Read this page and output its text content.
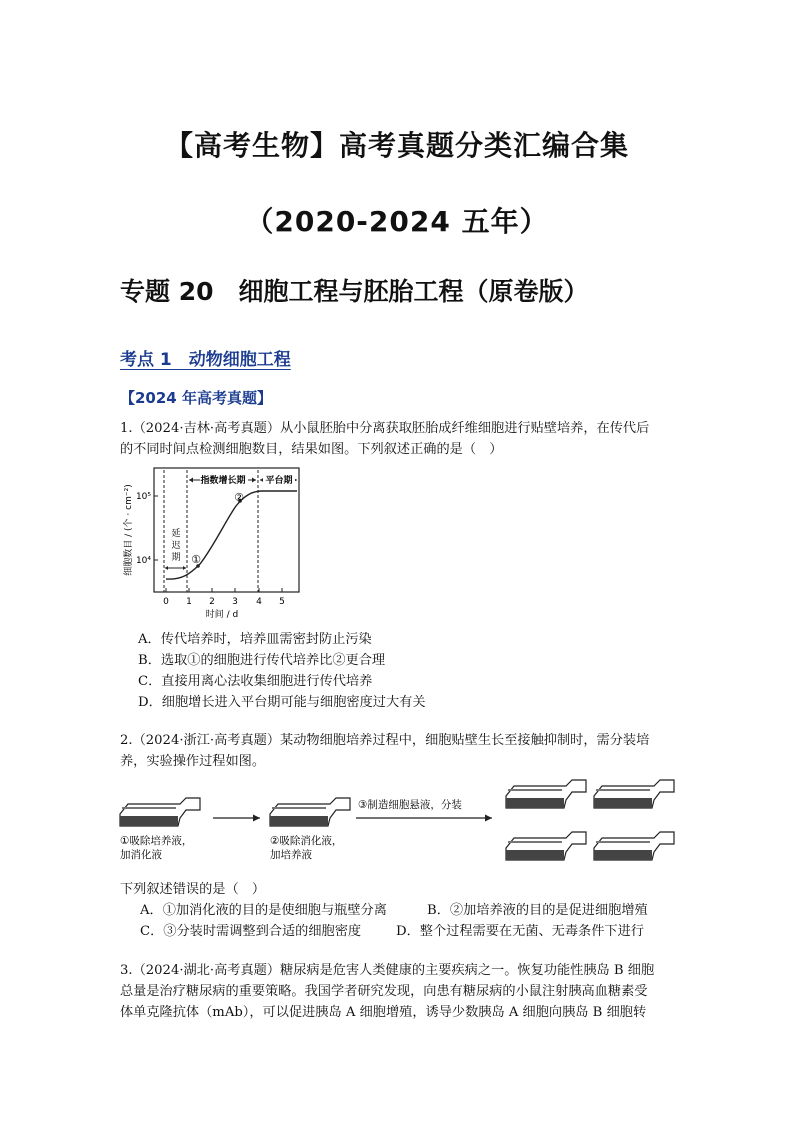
【高考生物】高考真题分类汇编合集
（2020-2024 五年）
专题 20　细胞工程与胚胎工程（原卷版）
考点 1　动物细胞工程
【2024 年高考真题】
1.（2024·吉林·高考真题）从小鼠胚胎中分离获取胚胎成纤维细胞进行贴壁培养，在传代后
的不同时间点检测细胞数目，结果如图。下列叙述正确的是（　）
细胞数目 / (个 · cm⁻²) 10⁵
10⁴
0 1 2 3 4 5
时间 / d
指数增长期 平台期
延
迟
期 ①
②
A．传代培养时，培养皿需密封防止污染
B．选取①的细胞进行传代培养比②更合理
C．直接用离心法收集细胞进行传代培养
D．细胞增长进入平台期可能与细胞密度过大有关
2.（2024·浙江·高考真题）某动物细胞培养过程中，细胞贴壁生长至接触抑制时，需分装培
养，实验操作过程如图。
①吸除培养液，
加消化液
②吸除消化液，
加培养液
③制造细胞悬液，分装
下列叙述错误的是（　）
A．①加消化液的目的是使细胞与瓶壁分离	B．②加培养液的目的是促进细胞增殖
C．③分装时需调整到合适的细胞密度	D．整个过程需要在无菌、无毒条件下进行
3.（2024·湖北·高考真题）糖尿病是危害人类健康的主要疾病之一。恢复功能性胰岛 B 细胞
总量是治疗糖尿病的重要策略。我国学者研究发现，向患有糖尿病的小鼠注射胰高血糖素受
体单克隆抗体（mAb），可以促进胰岛 A 细胞增殖，诱导少数胰岛 A 细胞向胰岛 B 细胞转
